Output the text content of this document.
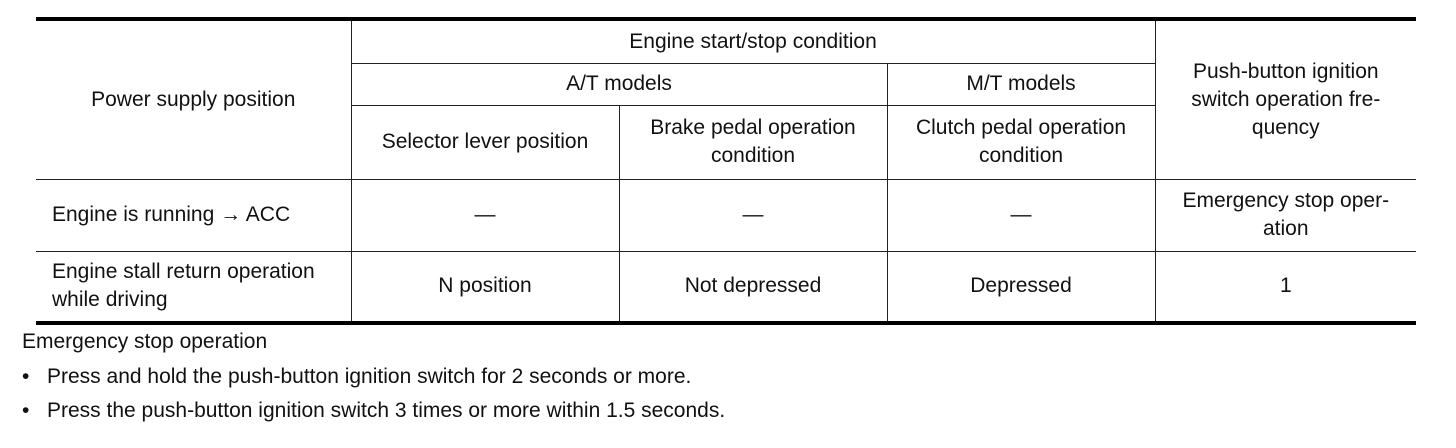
Power supply position	Engine start/stop condition			Push-button ignition switch operation fre-quency
	A/T models		M/T models	
	Selector lever position	Brake pedal operation condition	Clutch pedal operation condition	
Engine is running → ACC	—	—	—	Emergency stop oper-ation
Engine stall return operation while driving	N position	Not depressed	Depressed	1

Emergency stop operation

• Press and hold the push-button ignition switch for 2 seconds or more.
• Press the push-button ignition switch 3 times or more within 1.5 seconds.
